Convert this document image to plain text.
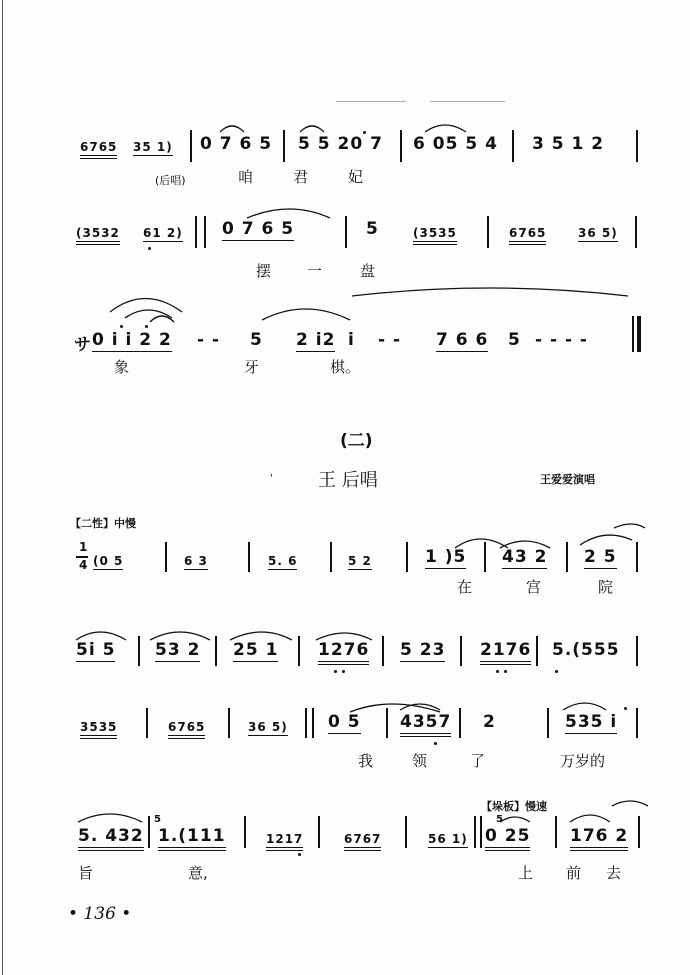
6765 35 1) 0 7 6 5 5 5 20 7 6 05 5 4 3 5 1 2
(后唱)	咱	君	妃
(3532 61 2) 0 7 6 5	5	(3535	6765	36 5)
摆 一	盘
サ 0 i i 2 2 - - 5 2 i2 i - - 7 6 6 5 - - - -
象	牙	棋。
(二)
'	王 后唱	王爱爱演唱
【二性】中慢
1
4 (0 5	6 3	5. 6	5 2	1 )5 43 2 2 5
在	宫	院
5i 5 53 2 25 1 1276 5 23 2176 5.(555
3535	6765	36 5) 0 5 4357 2	535 i
我	领	了	万岁的
【垛板】慢速
5. 432
5
1.(111	1217	6767	56 1)
5
0 25 176 2
旨	意,	上 前 去
• 136 •
